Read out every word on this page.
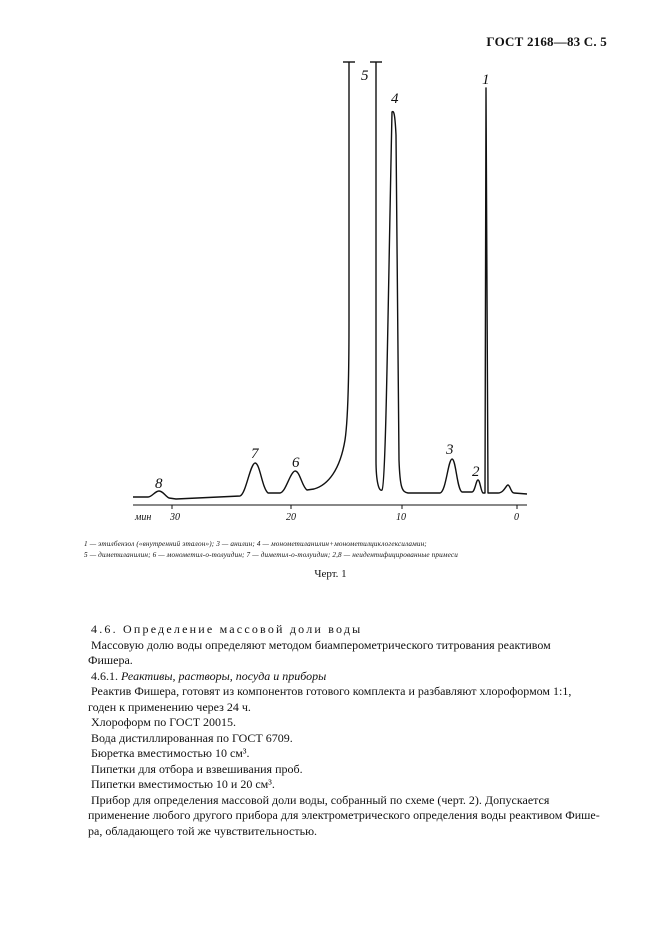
ГОСТ 2168—83 С. 5
мин 30	20	10	0
8
7
6
5
4
3
2
1
1 — этилбензол («внутренний эталон»); 3 — анилин; 4 — монометиланилин+монометилциклогексиламин;
5 — диметиланилин; 6 — монометил-о-толуидин; 7 — диметил-о-толуидин; 2,8 — неидентифицированные примеси
Черт. 1

4.6. Определение массовой доли воды

Массовую долю воды определяют методом биамперометрического титрования реактивом

Фишера.

4.6.1. Реактивы, растворы, посуда и приборы

Реактив Фишера, готовят из компонентов готового комплекта и разбавляют хлороформом 1:1,

годен к применению через 24 ч.

Хлороформ по ГОСТ 20015.

Вода дистиллированная по ГОСТ 6709.

Бюретка вместимостью 10 см³.

Пипетки для отбора и взвешивания проб.

Пипетки вместимостью 10 и 20 см³.

Прибор для определения массовой доли воды, собранный по схеме (черт. 2). Допускается

применение любого другого прибора для электрометрического определения воды реактивом Фише-

ра, обладающего той же чувствительностью.
